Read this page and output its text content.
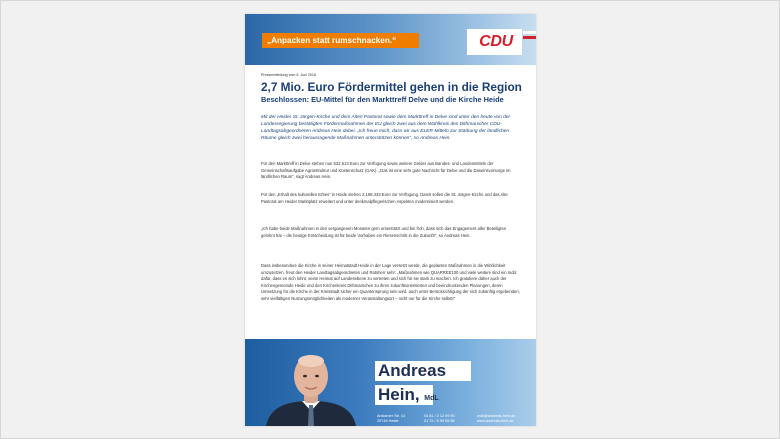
„Anpacken statt rumschnacken.“	CDU
Pressemitteilung vom 5. Juni 2018
2,7 Mio. Euro Fördermittel gehen in die Region
Beschlossen: EU-Mittel für den Markttreff Delve und die Kirche Heide
Mit der Heider St. Jürgen-Kirche und dem Alten Pastorat sowie dem Markttreff in Delve sind unter den heute von der Landesregierung bestätigten Fördermaßnahmen der EU gleich zwei aus dem Wahlkreis des Dithmarscher CDU-Landtagsabgeordneten Andreas Hein dabei. „Ich freue mich, dass wir aus ELER-Mitteln zur Stärkung der ländlichen Räume gleich zwei herausragende Maßnahmen unterstützen können“, so Andreas Hein.
Für den Markttreff in Delve stehen nun 532.513 Euro zur Verfügung sowie weitere Gelder aus Bandes- und Landesmitteln der Gemeinschaftsaufgabe Agrarstruktur und Küstenschutz (GAK). „Das ist eine sehr gute Nachricht für Delve und die Daseinsvorsorge im ländlichen Raum“, sagt Andreas Hein.
Für den „Erhalt des kulturellen Erbes“ in Heide stehen 2.169.432 Euro zur Verfügung. Damit sollen die St. Jürgen-Kirche und das Alte Pastorat am Heider Marktplatz erweitert und unter denkmalpflegerischen Aspekten modernisiert werden.
„Ich habe beide Maßnahmen in den vergangenen Monaten gern unterstützt und bin froh, dass sich das Engagement aller Beteiligten gelohnt hat – die heutige Entscheidung ist für beide Vorhaben ein Riesenschritt in die Zukunft!“, so Andreas Hein.
Dass insbesondere die Kirche in seiner Heimatstadt Heide in der Lage versetzt werde, die geplanten Maßnahmen in die Wirklichkeit umzusetzen, freut den Heider Landtagsabgeordneten und Ratsherr sehr: „Maßnahmen wie QUARREE100 und viele weitere sind ein Indiz dafür, dass es sich lohnt, seine Heimat auf Landesebene zu vertreten und sich für sie stark zu machen. Ich gratuliere daher auch der Kirchengemeinde Heide und den Kirchenkreis Dithmarschen zu ihren zukunftsorientierten und beeindruckenden Planungen, deren Umsetzung für die Kirche in der Kreisstadt sicher ein Quantensprung sein wird, auch unter Berücksichtigung der sich zukünftig ergebenden, sehr vielfältigen Nutzungsmöglichkeiten als moderner Veranstaltungsort – nicht nur für die Kirche selbst!“
Andreas
Hein, MdL
Anklamer Str. 14
25746 Heide
04 81 / 2 12 09 90
01 72 / 5 99 05 88
mail@andreas-hein.de
www.andreas-hein.de
